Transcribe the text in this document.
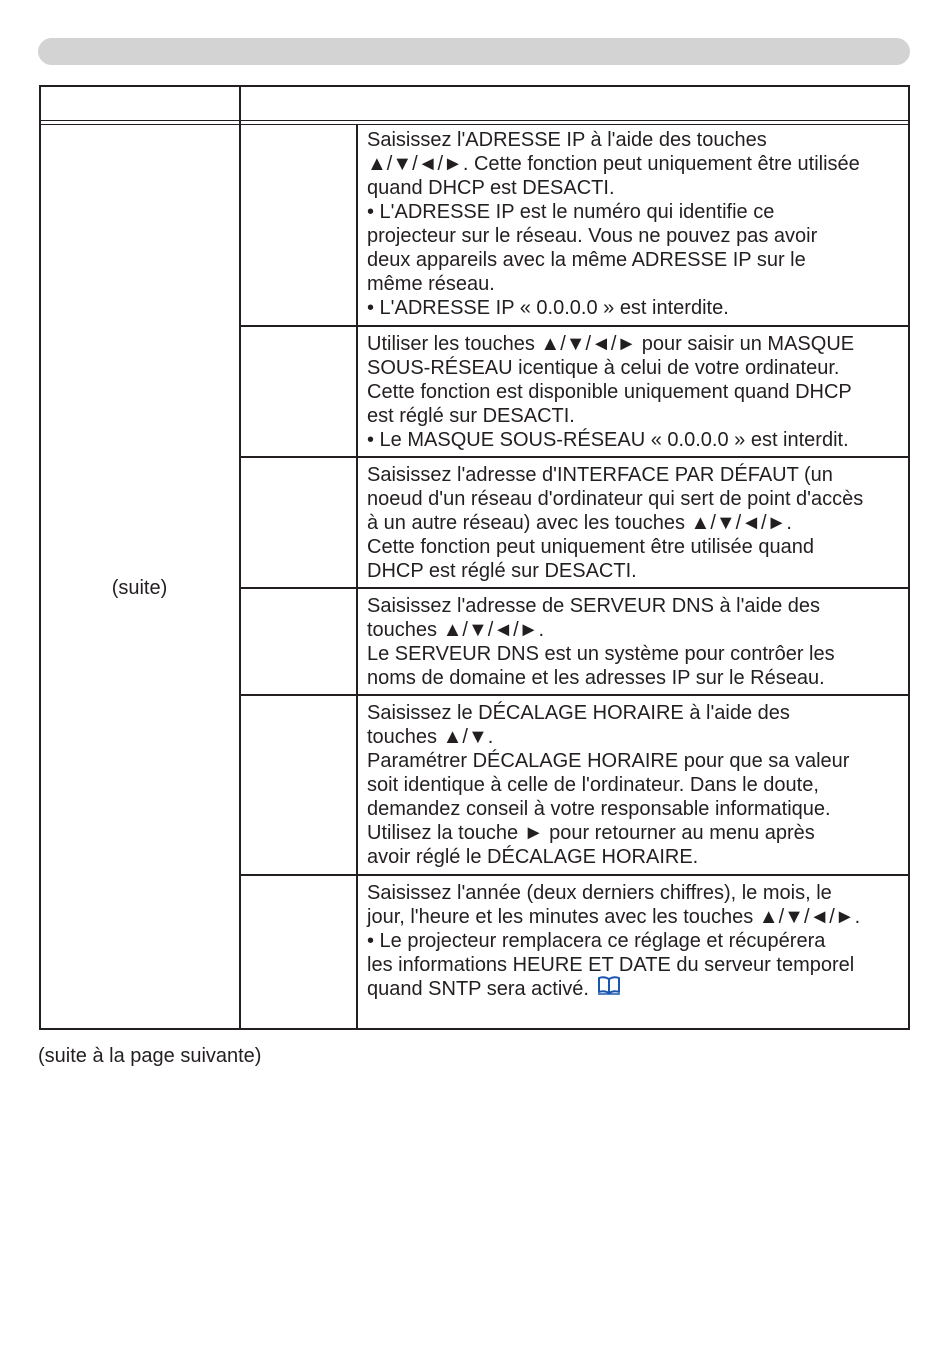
(suite)
Saisissez l'ADRESSE IP à l'aide des touches
▲/▼/◄/►. Cette fonction peut uniquement être utilisée
quand DHCP est DESACTI.
• L'ADRESSE IP est le numéro qui identifie ce
projecteur sur le réseau. Vous ne pouvez pas avoir
deux appareils avec la même ADRESSE IP sur le
même réseau.
• L'ADRESSE IP « 0.0.0.0 » est interdite.
Utiliser les touches ▲/▼/◄/► pour saisir un MASQUE
SOUS-RÉSEAU icentique à celui de votre ordinateur.
Cette fonction est disponible uniquement quand DHCP
est réglé sur DESACTI.
• Le MASQUE SOUS-RÉSEAU « 0.0.0.0 » est interdit.
Saisissez l'adresse d'INTERFACE PAR DÉFAUT (un
noeud d'un réseau d'ordinateur qui sert de point d'accès
à un autre réseau) avec les touches ▲/▼/◄/►.
Cette fonction peut uniquement être utilisée quand
DHCP est réglé sur DESACTI.
Saisissez l'adresse de SERVEUR DNS à l'aide des
touches ▲/▼/◄/►.
Le SERVEUR DNS est un système pour contrôer les
noms de domaine et les adresses IP sur le Réseau.
Saisissez le DÉCALAGE HORAIRE à l'aide des
touches ▲/▼.
Paramétrer DÉCALAGE HORAIRE pour que sa valeur
soit identique à celle de l'ordinateur. Dans le doute,
demandez conseil à votre responsable informatique.
Utilisez la touche ► pour retourner au menu après
avoir réglé le DÉCALAGE HORAIRE.
Saisissez l'année (deux derniers chiffres), le mois, le
jour, l'heure et les minutes avec les touches ▲/▼/◄/►.
• Le projecteur remplacera ce réglage et récupérera
les informations HEURE ET DATE du serveur temporel
quand SNTP sera activé.
(suite à la page suivante)
